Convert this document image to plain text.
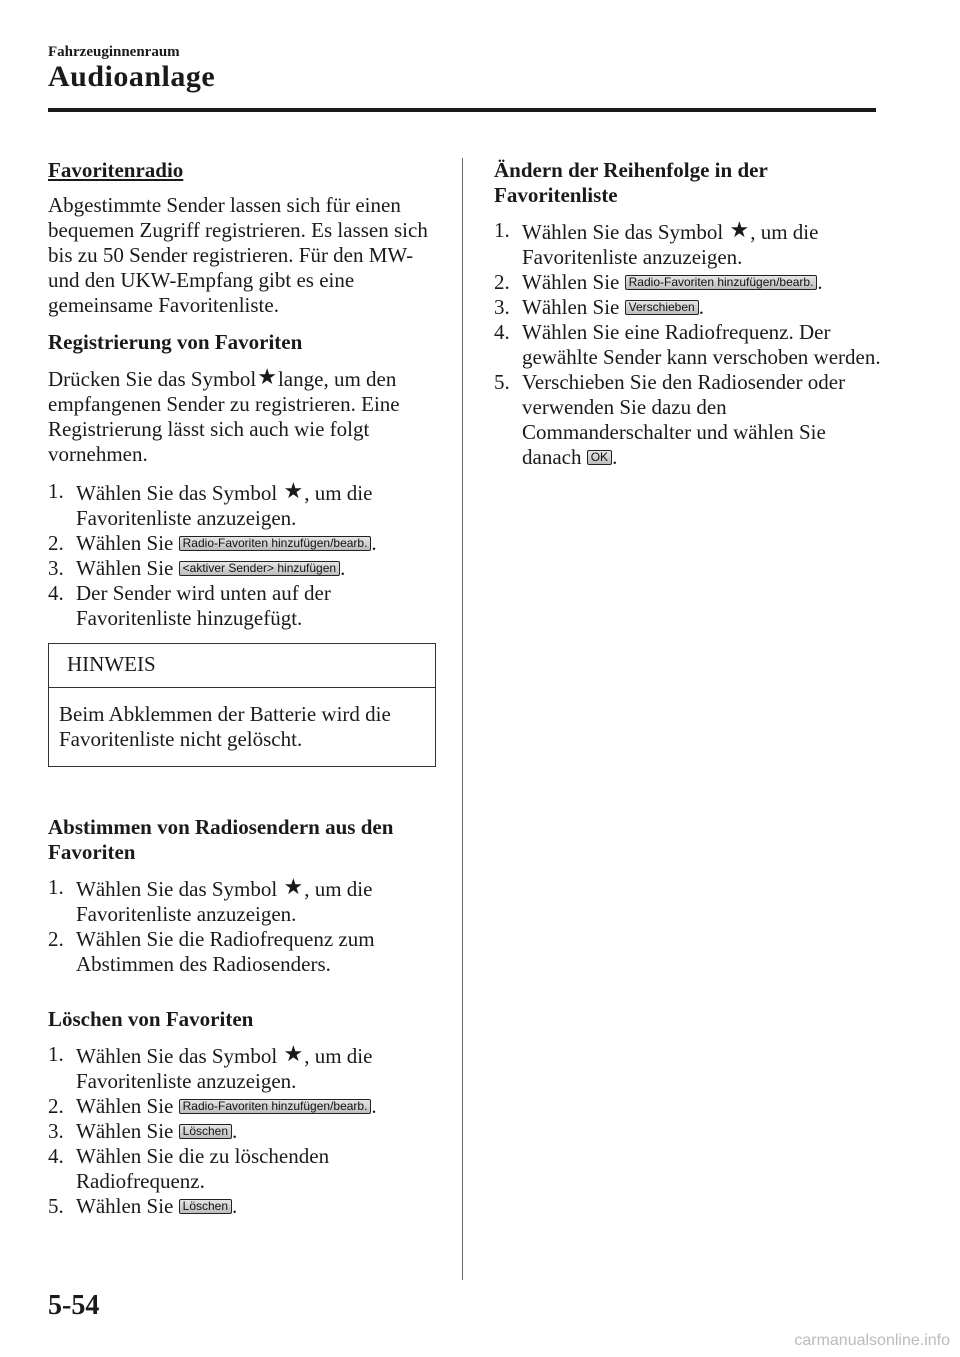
Fahrzeuginnenraum
Audioanlage

Favoritenradio

Abgestimmte Sender lassen sich für einen bequemen Zugriff registrieren. Es lassen sich bis zu 50 Sender registrieren. Für den MW- und den UKW-Empfang gibt es eine gemeinsame Favoritenliste.

Registrierung von Favoriten

Drücken Sie das Symbol★lange, um den empfangenen Sender zu registrieren. Eine Registrierung lässt sich auch wie folgt vornehmen.

1. Wählen Sie das Symbol ★, um die Favoritenliste anzuzeigen.
2. Wählen Sie Radio-Favoriten hinzufügen/bearb. .
3. Wählen Sie <aktiver Sender> hinzufügen .
4. Der Sender wird unten auf der Favoritenliste hinzugefügt.
HINWEIS
Beim Abklemmen der Batterie wird die Favoritenliste nicht gelöscht.

Abstimmen von Radiosendern aus den Favoriten

1. Wählen Sie das Symbol ★, um die Favoritenliste anzuzeigen.
2. Wählen Sie die Radiofrequenz zum Abstimmen des Radiosenders.

Löschen von Favoriten

1. Wählen Sie das Symbol ★, um die Favoritenliste anzuzeigen.
2. Wählen Sie Radio-Favoriten hinzufügen/bearb. .
3. Wählen Sie Löschen .
4. Wählen Sie die zu löschenden Radiofrequenz.
5. Wählen Sie Löschen .

Ändern der Reihenfolge in der Favoritenliste

1. Wählen Sie das Symbol ★, um die Favoritenliste anzuzeigen.
2. Wählen Sie Radio-Favoriten hinzufügen/bearb. .
3. Wählen Sie Verschieben .
4. Wählen Sie eine Radiofrequenz. Der gewählte Sender kann verschoben werden.
5. Verschieben Sie den Radiosender oder verwenden Sie dazu den Commanderschalter und wählen Sie danach OK .
5-54
carmanualsonline.info
